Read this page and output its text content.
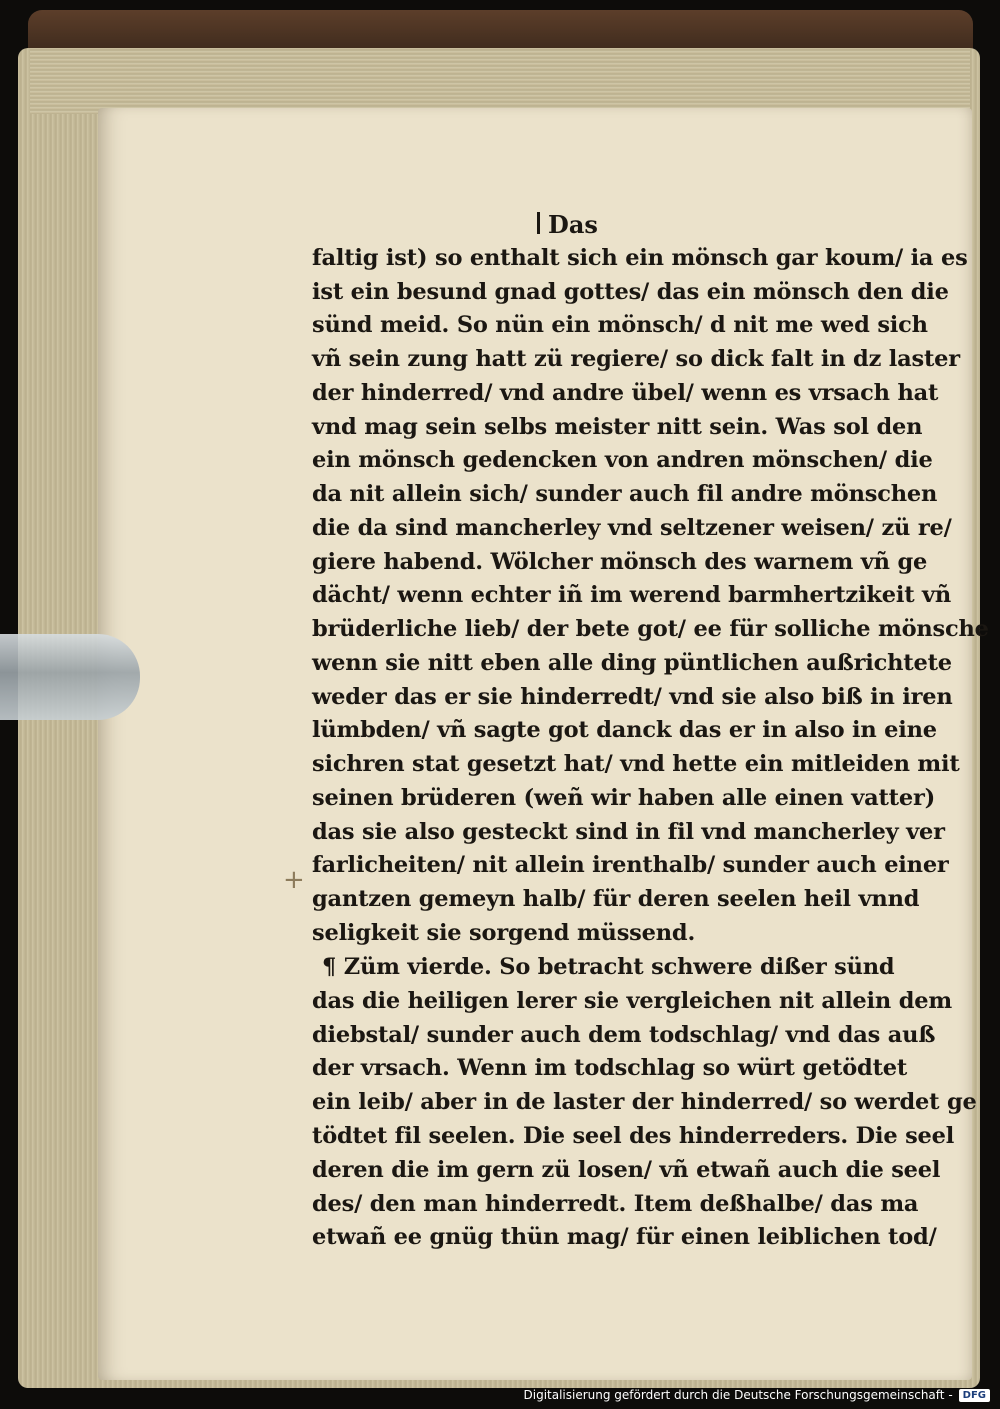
Das
faltig ist) so enthalt sich ein mönsch gar koum/ ia es
ist ein besund gnad gottes/ das ein mönsch den die
sünd meid. So nün ein mönsch/ d nit me wed sich
vñ sein zung hatt zü regiere/ so dick falt in dz laster
der hinderred/ vnd andre übel/ wenn es vrsach hat
vnd mag sein selbs meister nitt sein. Was sol den
ein mönsch gedencken von andren mönschen/ die
da nit allein sich/ sunder auch fil andre mönschen
die da sind mancherley vnd seltzener weisen/ zü re/
giere habend. Wölcher mönsch des warnem vñ ge
dächt/ wenn echter iñ im werend barmhertzikeit vñ
brüderliche lieb/ der bete got/ ee für solliche mönsche
wenn sie nitt eben alle ding püntlichen außrichtete
weder das er sie hinderredt/ vnd sie also biß in iren
lümbden/ vñ sagte got danck das er in also in eine
sichren stat gesetzt hat/ vnd hette ein mitleiden mit
seinen brüderen (weñ wir haben alle einen vatter)
das sie also gesteckt sind in fil vnd mancherley ver
farlicheiten/ nit allein irenthalb/ sunder auch einer
gantzen gemeyn halb/ für deren seelen heil vnnd
seligkeit sie sorgend müssend.
¶ Züm vierde. So betracht schwere dißer sünd
das die heiligen lerer sie vergleichen nit allein dem
diebstal/ sunder auch dem todschlag/ vnd das auß
der vrsach. Wenn im todschlag so würt getödtet
ein leib/ aber in de laster der hinderred/ so werdet ge
tödtet fil seelen. Die seel des hinderreders. Die seel
deren die im gern zü losen/ vñ etwañ auch die seel
des/ den man hinderredt. Item deßhalbe/ das ma
etwañ ee gnüg thün mag/ für einen leiblichen tod/
+
Digitalisierung gefördert durch die Deutsche Forschungsgemeinschaft -	DFG
